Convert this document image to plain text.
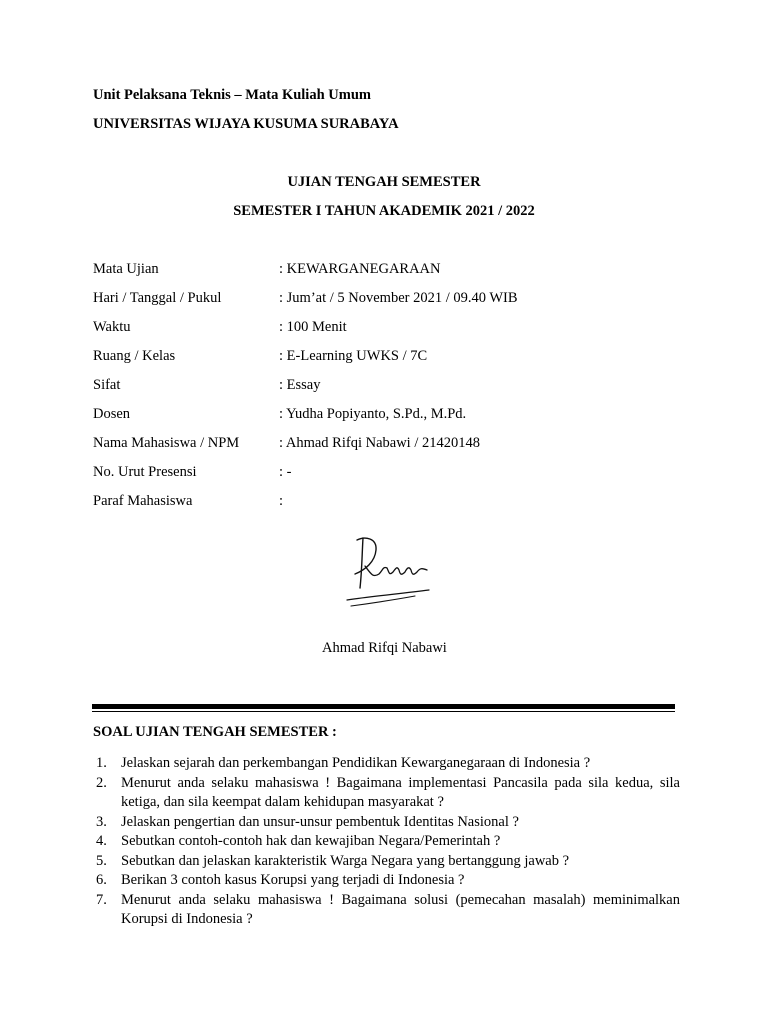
Unit Pelaksana Teknis – Mata Kuliah Umum
UNIVERSITAS WIJAYA KUSUMA SURABAYA
UJIAN TENGAH SEMESTER
SEMESTER I TAHUN AKADEMIK 2021 / 2022
Mata Ujian	: KEWARGANEGARAAN
Hari / Tanggal / Pukul	: Jum’at / 5 November 2021 / 09.40 WIB
Waktu	: 100 Menit
Ruang / Kelas	: E-Learning UWKS / 7C
Sifat	: Essay
Dosen	: Yudha Popiyanto, S.Pd., M.Pd.
Nama Mahasiswa / NPM	: Ahmad Rifqi Nabawi / 21420148
No. Urut Presensi	: -
Paraf Mahasiswa	:
Ahmad Rifqi Nabawi
SOAL UJIAN TENGAH SEMESTER :
1. Jelaskan sejarah dan perkembangan Pendidikan Kewarganegaraan di Indonesia ?
2. Menurut anda selaku mahasiswa ! Bagaimana implementasi Pancasila pada sila kedua, sila ketiga, dan sila keempat dalam kehidupan masyarakat ?
3. Jelaskan pengertian dan unsur-unsur pembentuk Identitas Nasional ?
4. Sebutkan contoh-contoh hak dan kewajiban Negara/Pemerintah ?
5. Sebutkan dan jelaskan karakteristik Warga Negara yang bertanggung jawab ?
6. Berikan 3 contoh kasus Korupsi yang terjadi di Indonesia ?
7. Menurut anda selaku mahasiswa ! Bagaimana solusi (pemecahan masalah) meminimalkan Korupsi di Indonesia ?
